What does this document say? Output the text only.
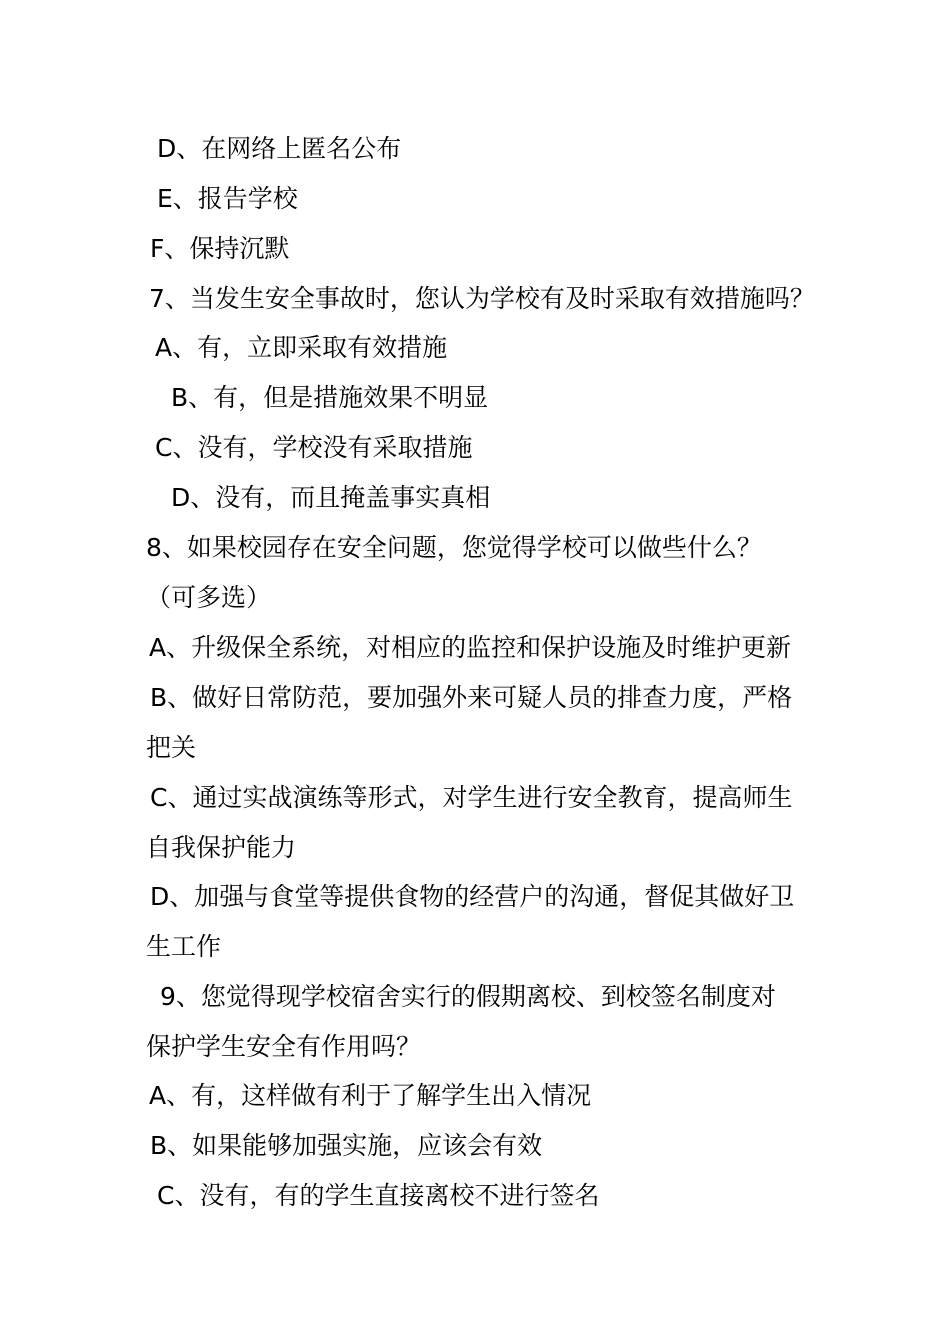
D、在网络上匿名公布
E、报告学校
F、保持沉默
7、当发生安全事故时，您认为学校有及时采取有效措施吗？
A、有，立即采取有效措施
B、有，但是措施效果不明显
C、没有，学校没有采取措施
D、没有，而且掩盖事实真相
8、如果校园存在安全问题，您觉得学校可以做些什么？
（可多选）
A、升级保全系统，对相应的监控和保护设施及时维护更新
B、做好日常防范，要加强外来可疑人员的排查力度，严格
把关
C、通过实战演练等形式，对学生进行安全教育，提高师生
自我保护能力
D、加强与食堂等提供食物的经营户的沟通，督促其做好卫
生工作
9、您觉得现学校宿舍实行的假期离校、到校签名制度对
保护学生安全有作用吗？
A、有，这样做有利于了解学生出入情况
B、如果能够加强实施，应该会有效
C、没有，有的学生直接离校不进行签名
